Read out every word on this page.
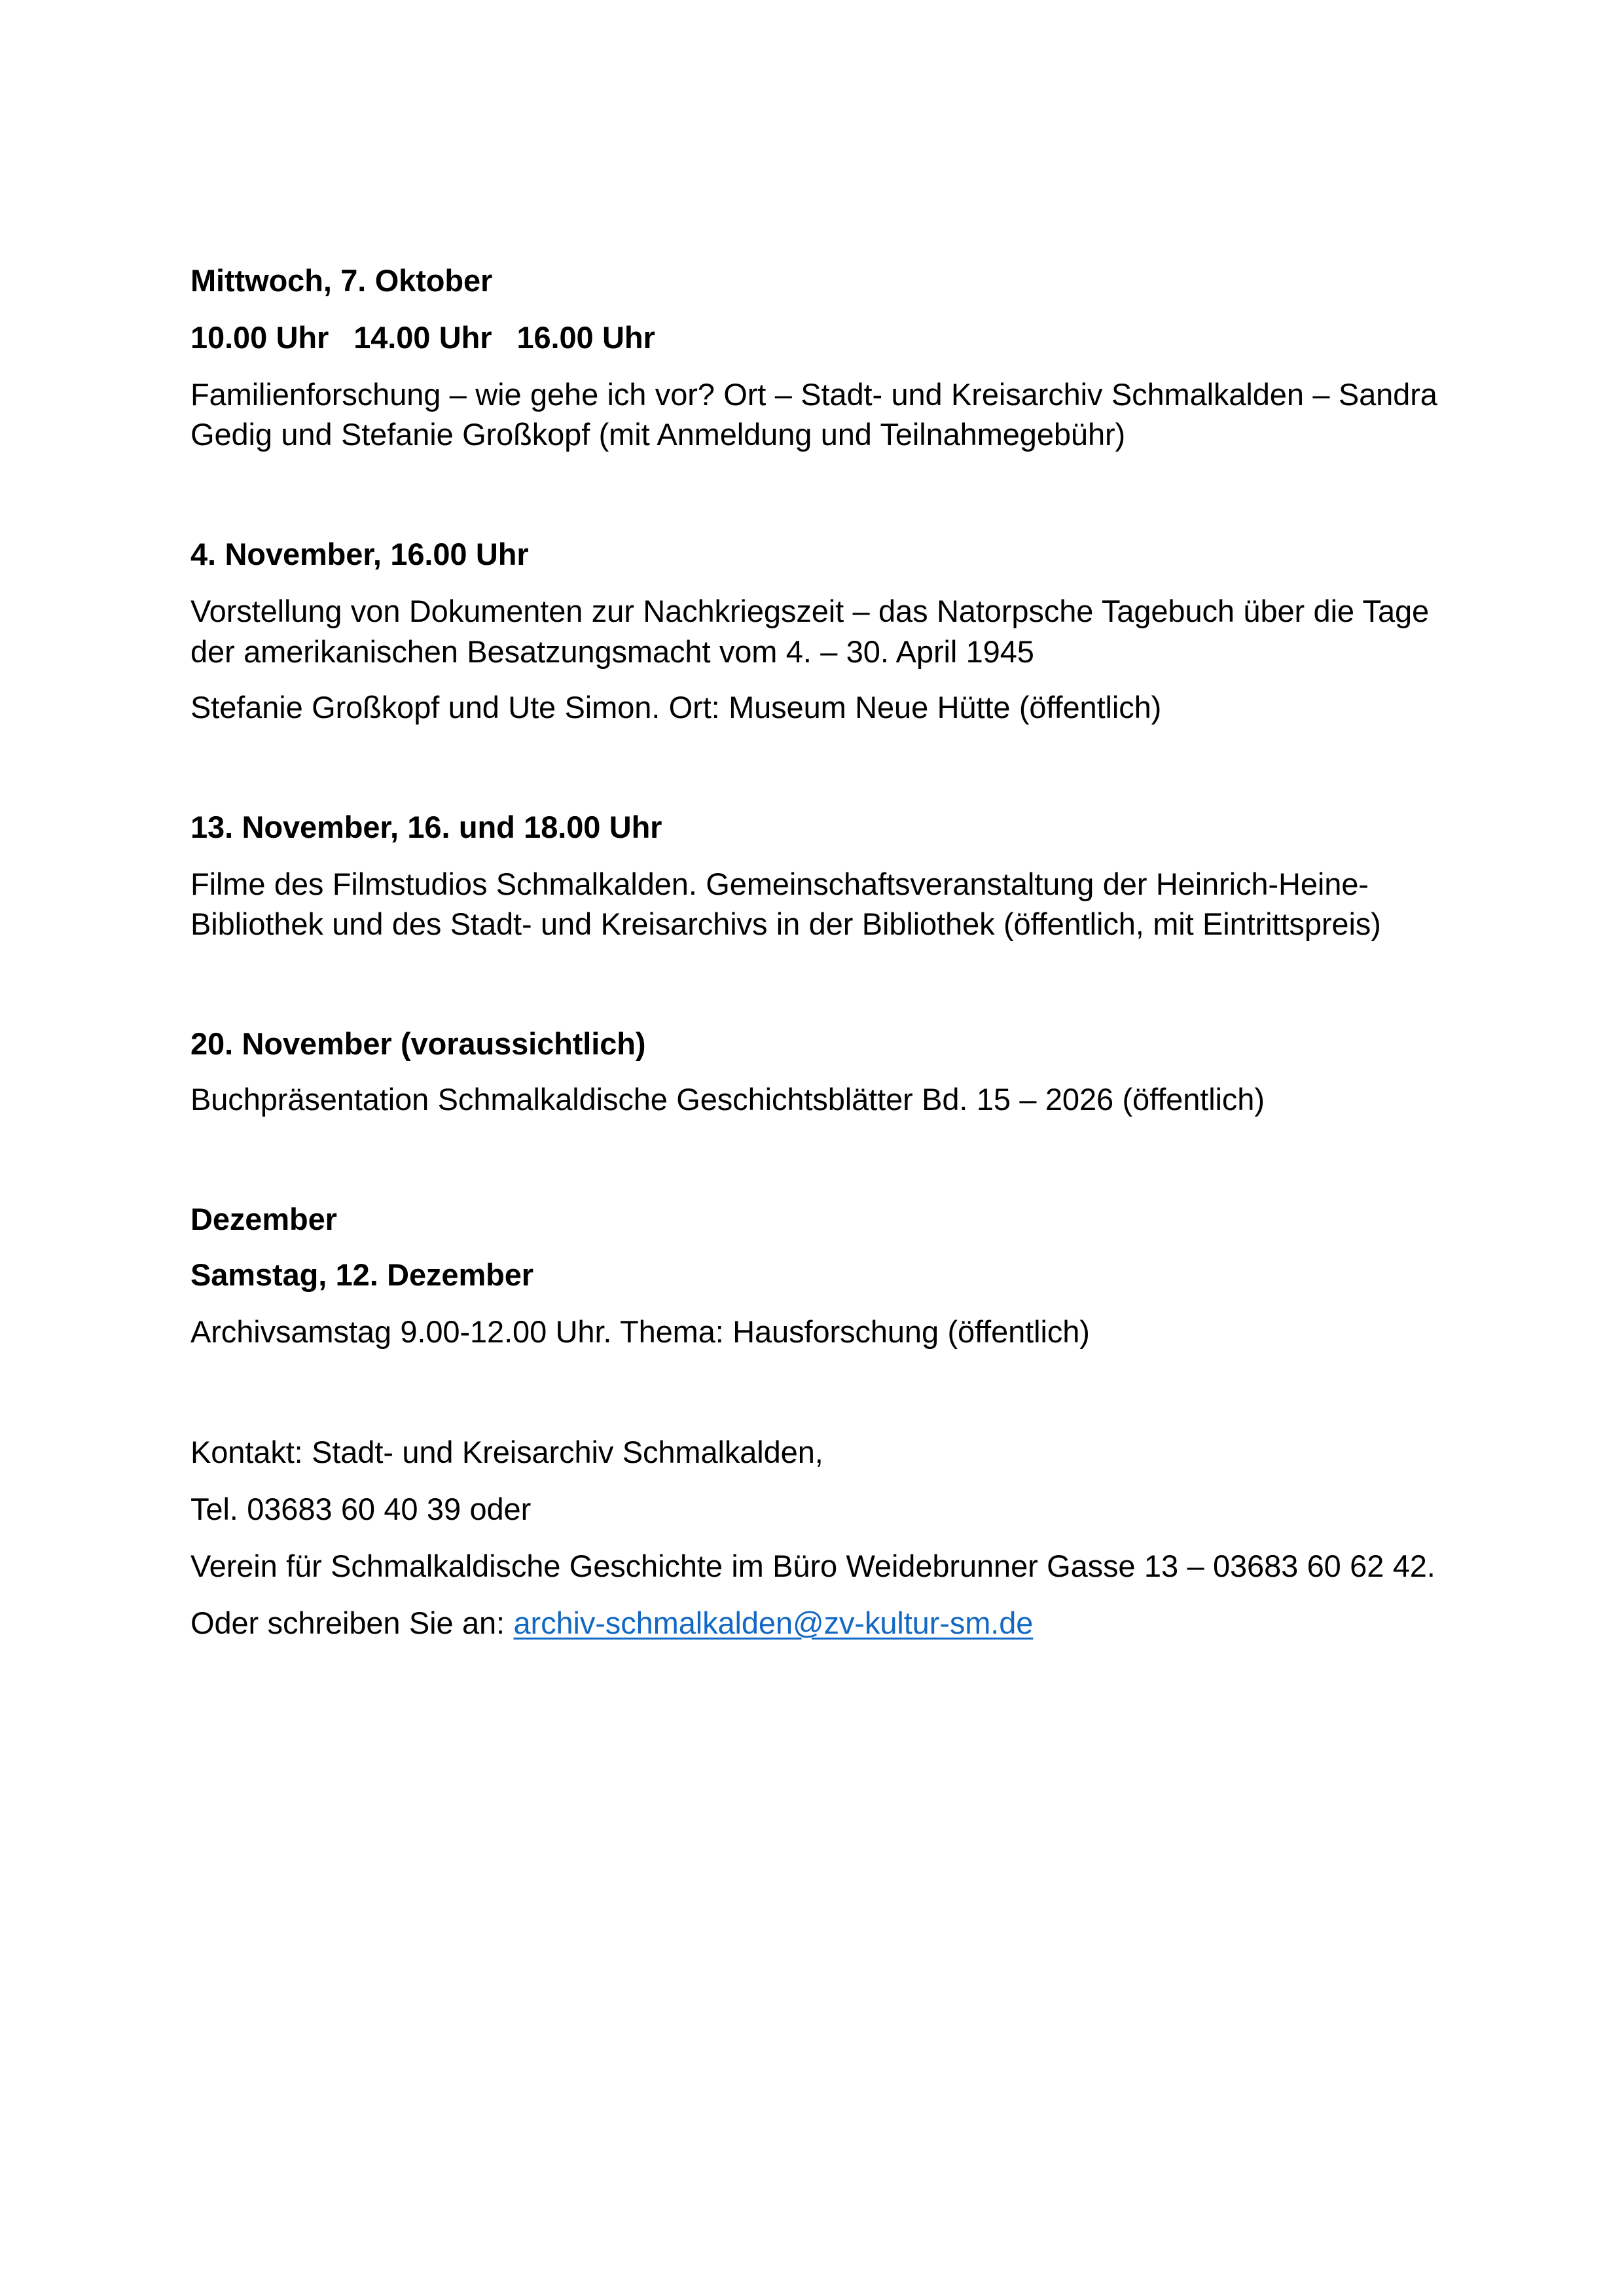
Mittwoch, 7. Oktober

10.00 Uhr 14.00 Uhr 16.00 Uhr

Familienforschung – wie gehe ich vor? Ort – Stadt- und Kreisarchiv Schmalkalden – Sandra Gedig und Stefanie Großkopf (mit Anmeldung und Teilnahmegebühr)

4. November, 16.00 Uhr

Vorstellung von Dokumenten zur Nachkriegszeit – das Natorpsche Tagebuch über die Tage der amerikanischen Besatzungsmacht vom 4. – 30. April 1945

Stefanie Großkopf und Ute Simon. Ort: Museum Neue Hütte (öffentlich)

13. November, 16. und 18.00 Uhr

Filme des Filmstudios Schmalkalden. Gemeinschaftsveranstaltung der Heinrich-Heine-Bibliothek und des Stadt- und Kreisarchivs in der Bibliothek (öffentlich, mit Eintrittspreis)

20. November (voraussichtlich)

Buchpräsentation Schmalkaldische Geschichtsblätter Bd. 15 – 2026 (öffentlich)

Dezember

Samstag, 12. Dezember

Archivsamstag 9.00-12.00 Uhr. Thema: Hausforschung (öffentlich)

Kontakt: Stadt- und Kreisarchiv Schmalkalden,

Tel. 03683 60 40 39 oder

Verein für Schmalkaldische Geschichte im Büro Weidebrunner Gasse 13 – 03683 60 62 42.

Oder schreiben Sie an: archiv-schmalkalden@zv-kultur-sm.de
